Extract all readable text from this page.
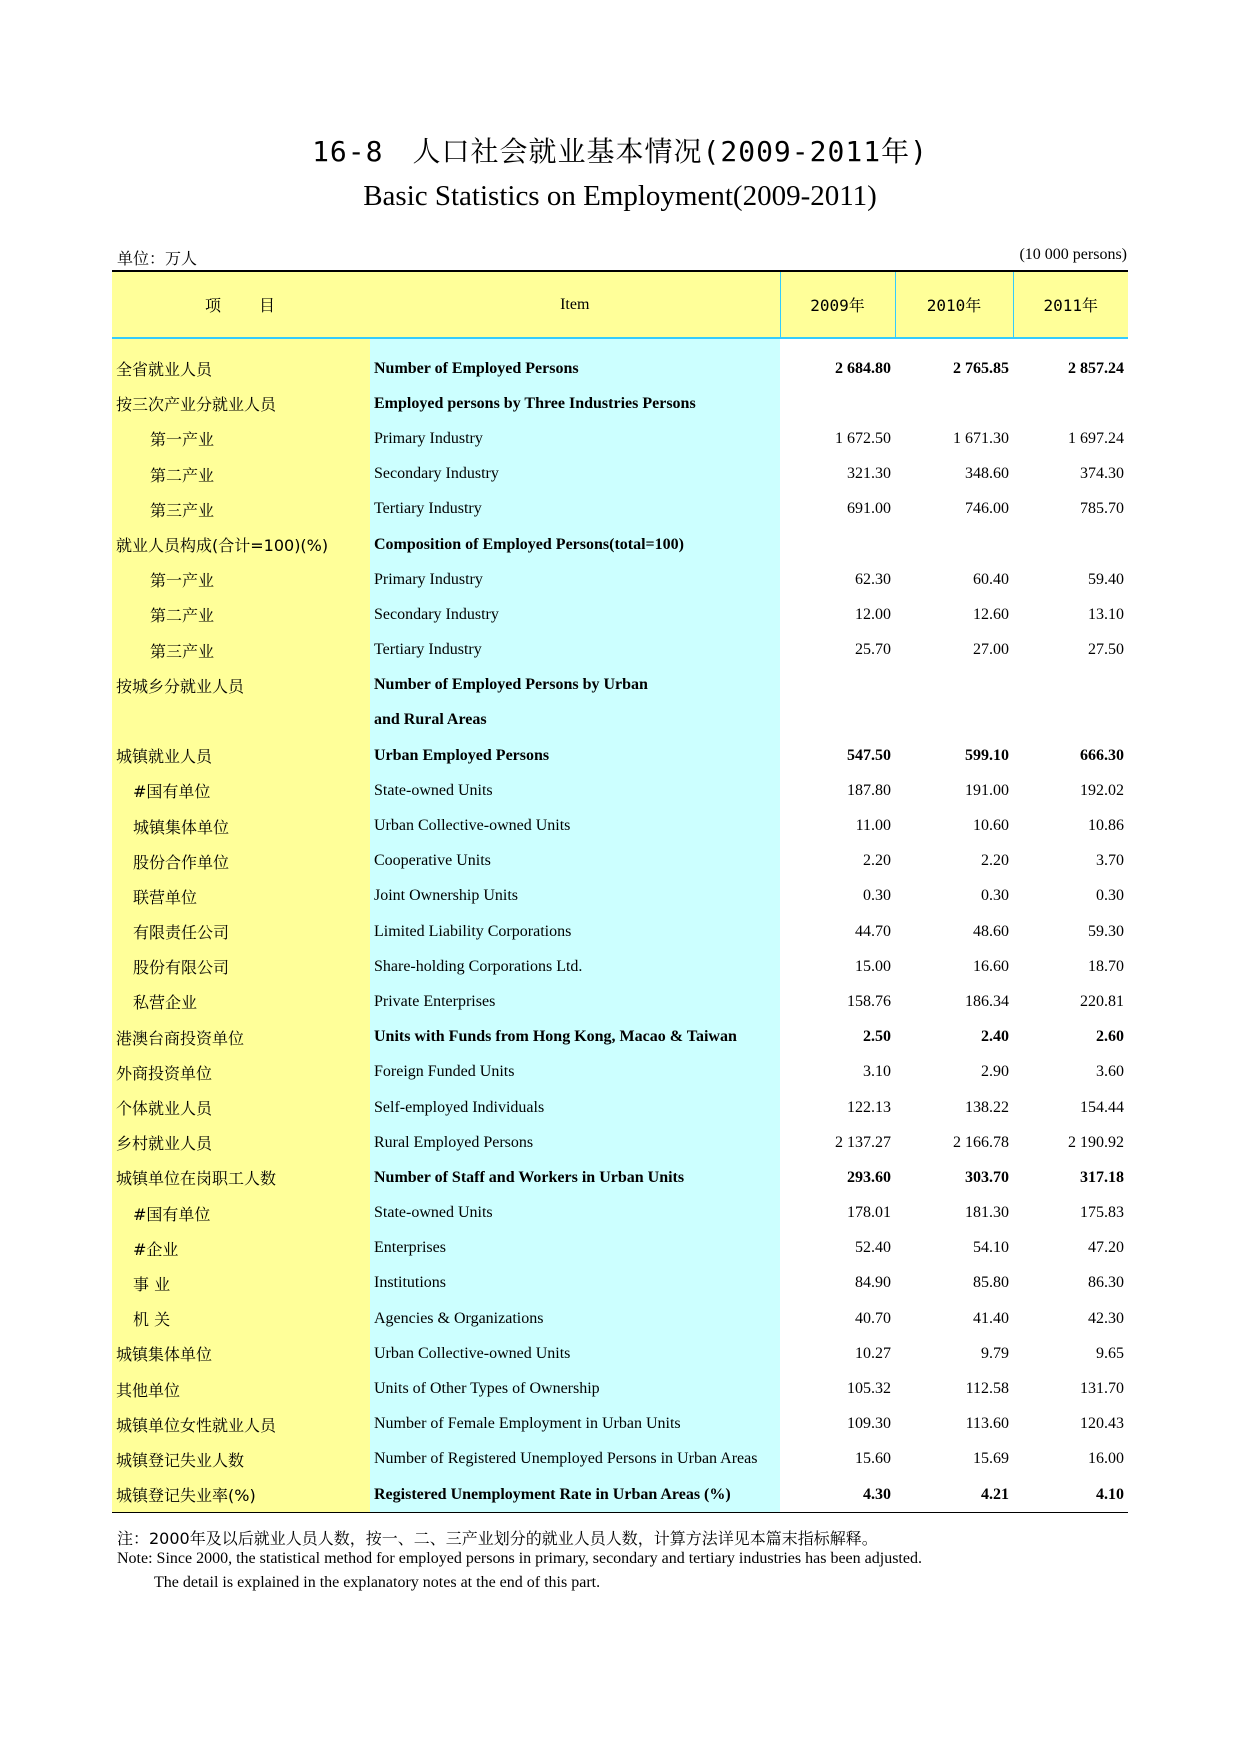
16-8　人口社会就业基本情况(2009-2011年)
Basic Statistics on Employment(2009-2011)
单位：万人	(10 000 persons)
项　　目	Item	2009年	2010年	2011年

全省就业人员	Number of Employed Persons	2 684.80	2 765.85	2 857.24
按三次产业分就业人员	Employed persons by Three Industries Persons			
第一产业	Primary Industry	1 672.50	1 671.30	1 697.24
第二产业	Secondary Industry	321.30	348.60	374.30
第三产业	Tertiary Industry	691.00	746.00	785.70
就业人员构成(合计=100)(%)	Composition of Employed Persons(total=100)			
第一产业	Primary Industry	62.30	60.40	59.40
第二产业	Secondary Industry	12.00	12.60	13.10
第三产业	Tertiary Industry	25.70	27.00	27.50
按城乡分就业人员	Number of Employed Persons by Urban			
	and Rural Areas			
城镇就业人员	Urban Employed Persons	547.50	599.10	666.30
#国有单位	State-owned Units	187.80	191.00	192.02
城镇集体单位	Urban Collective-owned Units	11.00	10.60	10.86
股份合作单位	Cooperative Units	2.20	2.20	3.70
联营单位	Joint Ownership Units	0.30	0.30	0.30
有限责任公司	Limited Liability Corporations	44.70	48.60	59.30
股份有限公司	Share-holding Corporations Ltd.	15.00	16.60	18.70
私营企业	Private Enterprises	158.76	186.34	220.81
港澳台商投资单位	Units with Funds from Hong Kong, Macao & Taiwan	2.50	2.40	2.60
外商投资单位	Foreign Funded Units	3.10	2.90	3.60
个体就业人员	Self-employed Individuals	122.13	138.22	154.44
乡村就业人员	Rural Employed Persons	2 137.27	2 166.78	2 190.92
城镇单位在岗职工人数	Number of Staff and Workers in Urban Units	293.60	303.70	317.18
#国有单位	State-owned Units	178.01	181.30	175.83
#企业	Enterprises	52.40	54.10	47.20
事 业	Institutions	84.90	85.80	86.30
机 关	Agencies & Organizations	40.70	41.40	42.30
城镇集体单位	Urban Collective-owned Units	10.27	9.79	9.65
其他单位	Units of Other Types of Ownership	105.32	112.58	131.70
城镇单位女性就业人员	Number of Female Employment in Urban Units	109.30	113.60	120.43
城镇登记失业人数	Number of Registered Unemployed Persons in Urban Areas	15.60	15.69	16.00
城镇登记失业率(%)	Registered Unemployment Rate in Urban Areas (%)	4.30	4.21	4.10
注：2000年及以后就业人员人数，按一、二、三产业划分的就业人员人数，计算方法详见本篇末指标解释。
Note: Since 2000, the statistical method for employed persons in primary, secondary and tertiary industries has been adjusted.
The detail is explained in the explanatory notes at the end of this part.
